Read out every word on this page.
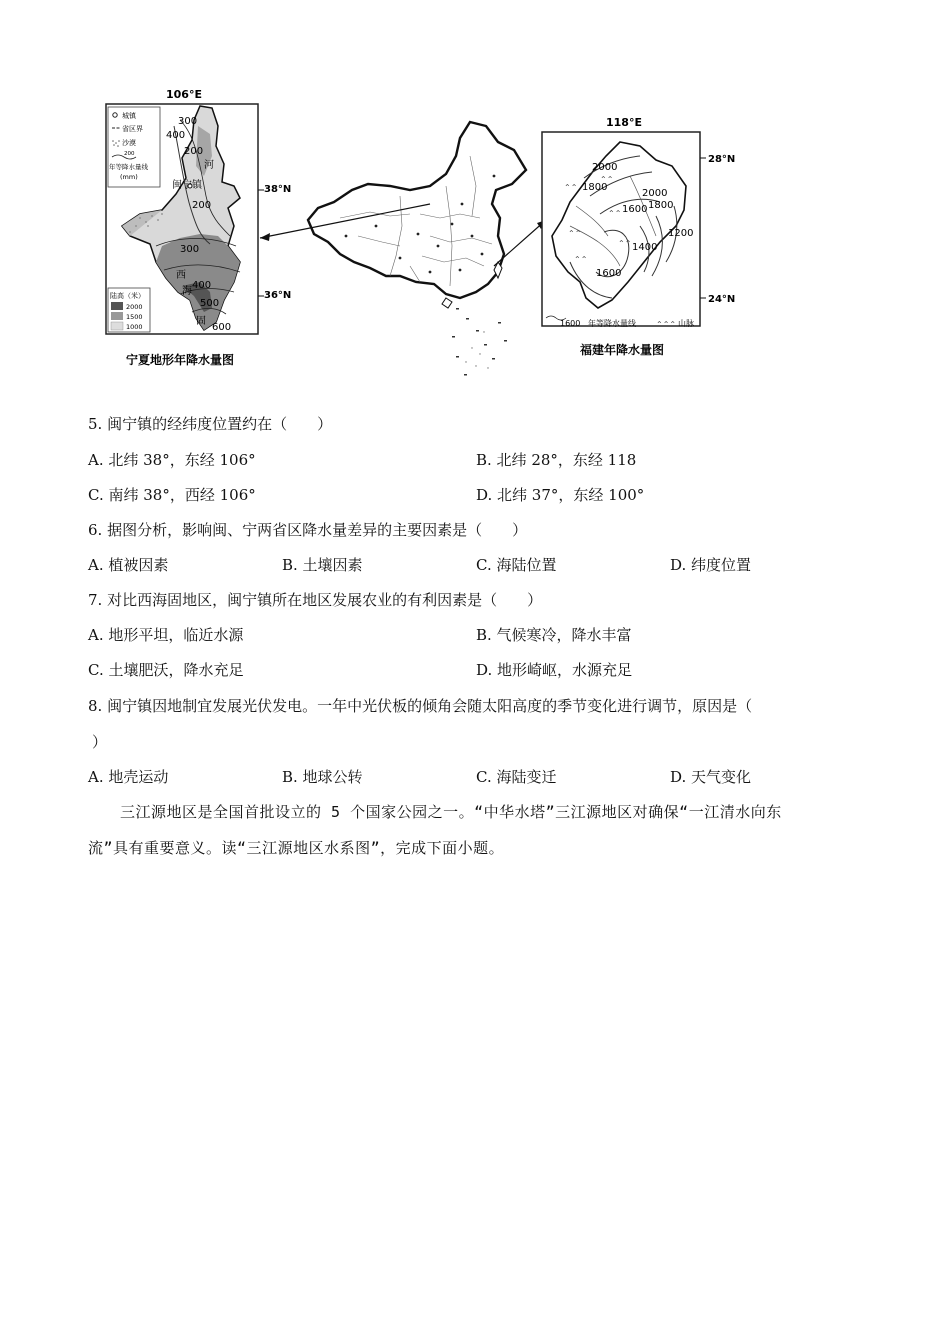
106°E
城镇
省区界
沙漠
200
年等降水量线
(mm)
300
400
200
200
300
400
500
600
闽宁镇
河
西
海
固
38°N
36°N
陆高（米）
2000
1500
1000
宁夏地形年降水量图
118°E
⌃⌃
⌃⌃
⌃⌃
⌃⌃
⌃⌃
⌃⌃
2000
1800
2000
1800
1600
1400
1200
1600
28°N
24°N
1600 年等降水量线	⌃⌃⌃ 山脉
福建年降水量图
5. 闽宁镇的经纬度位置约在（　　）
A. 北纬 38°，东经 106°	B. 北纬 28°，东经 118
C. 南纬 38°，西经 106°	D. 北纬 37°，东经 100°
6. 据图分析，影响闽、宁两省区降水量差异的主要因素是（　　）
A. 植被因素	B. 土壤因素	C. 海陆位置	D. 纬度位置
7. 对比西海固地区，闽宁镇所在地区发展农业的有利因素是（　　）
A. 地形平坦，临近水源	B. 气候寒冷，降水丰富
C. 土壤肥沃，降水充足	D. 地形崎岖，水源充足
8. 闽宁镇因地制宜发展光伏发电。一年中光伏板的倾角会随太阳高度的季节变化进行调节，原因是（
）
A. 地壳运动	B. 地球公转	C. 海陆变迁	D. 天气变化
三江源地区是全国首批设立的 5 个国家公园之一。“中华水塔”三江源地区对确保“一江清水向东
流”具有重要意义。读“三江源地区水系图”，完成下面小题。
